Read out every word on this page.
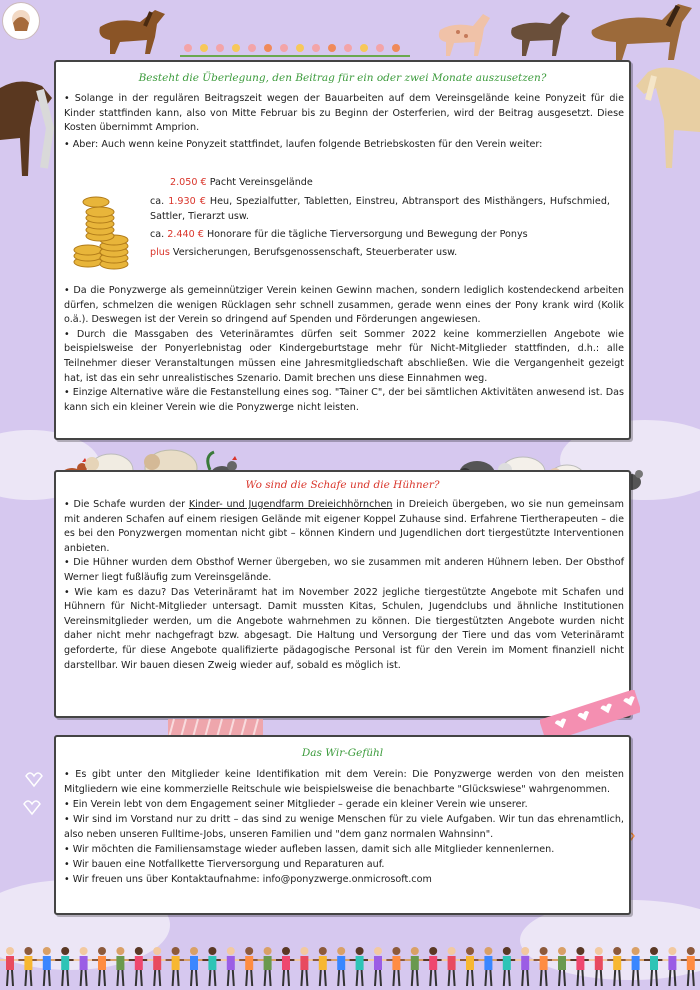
Besteht die Überlegung, den Beitrag für ein oder zwei Monate auszusetzen?

• Solange in der regulären Beitragszeit wegen der Bauarbeiten auf dem Vereinsgelände keine Ponyzeit für die Kinder stattfinden kann, also von Mitte Februar bis zu Beginn der Osterferien, wird der Beitrag ausgesetzt. Diese Kosten übernimmt Amprion.

• Aber: Auch wenn keine Ponyzeit stattfindet, laufen folgende Betriebskosten für den Verein weiter:

2.050 € Pacht Vereinsgelände
ca. 1.930 € Heu, Spezialfutter, Tabletten, Einstreu, Abtransport des Misthängers, Hufschmied, Sattler, Tierarzt usw.
ca. 2.440 € Honorare für die tägliche Tierversorgung und Bewegung der Ponys
plus Versicherungen, Berufsgenossenschaft, Steuerberater usw.

• Da die Ponyzwerge als gemeinnütziger Verein keinen Gewinn machen, sondern lediglich kostendeckend arbeiten dürfen, schmelzen die wenigen Rücklagen sehr schnell zusammen, gerade wenn eines der Pony krank wird (Kolik o.ä.). Deswegen ist der Verein so dringend auf Spenden und Förderungen angewiesen.

• Durch die Massgaben des Veterinäramtes dürfen seit Sommer 2022 keine kommerziellen Angebote wie beispielsweise der Ponyerlebnistag oder Kindergeburtstage mehr für Nicht-Mitglieder stattfinden, d.h.: alle Teilnehmer dieser Veranstaltungen müssen eine Jahresmitgliedschaft abschließen. Wie die Vergangenheit gezeigt hat, ist das ein sehr unrealistisches Szenario. Damit brechen uns diese Einnahmen weg.

• Einzige Alternative wäre die Festanstellung eines sog. "Tainer C", der bei sämtlichen Aktivitäten anwesend ist. Das kann sich ein kleiner Verein wie die Ponyzwerge nicht leisten.

Wo sind die Schafe und die Hühner?

• Die Schafe wurden der Kinder- und Jugendfarm Dreieichhörnchen in Dreieich übergeben, wo sie nun gemeinsam mit anderen Schafen auf einem riesigen Gelände mit eigener Koppel Zuhause sind. Erfahrene Tiertherapeuten – die es bei den Ponyzwergen momentan nicht gibt – können Kindern und Jugendlichen dort tiergestützte Interventionen anbieten.

• Die Hühner wurden dem Obsthof Werner übergeben, wo sie zusammen mit anderen Hühnern leben. Der Obsthof Werner liegt fußläufig zum Vereinsgelände.

• Wie kam es dazu? Das Veterinäramt hat im November 2022 jegliche tiergestützte Angebote mit Schafen und Hühnern für Nicht-Mitglieder untersagt. Damit mussten Kitas, Schulen, Jugendclubs und ähnliche Institutionen Vereinsmitglieder werden, um die Angebote wahrnehmen zu können. Die tiergestützten Angebote wurden nicht daher nicht mehr nachgefragt bzw. abgesagt. Die Haltung und Versorgung der Tiere und das vom Veterinäramt geforderte, für diese Angebote qualifizierte pädagogische Personal ist für den Verein im Moment finanziell nicht darstellbar. Wir bauen diesen Zweig wieder auf, sobald es möglich ist.

Das Wir-Gefühl

• Es gibt unter den Mitglieder keine Identifikation mit dem Verein: Die Ponyzwerge werden von den meisten Mitgliedern wie eine kommerzielle Reitschule wie beispielsweise die benachbarte "Glückswiese" wahrgenommen.

• Ein Verein lebt von dem Engagement seiner Mitglieder – gerade ein kleiner Verein wie unserer.

• Wir sind im Vorstand nur zu dritt – das sind zu wenige Menschen für zu viele Aufgaben. Wir tun das ehrenamtlich, also neben unseren Fulltime-Jobs, unseren Familien und "dem ganz normalen Wahnsinn".

• Wir möchten die Familiensamstage wieder aufleben lassen, damit sich alle Mitglieder kennenlernen.

• Wir bauen eine Notfallkette Tierversorgung und Reparaturen auf.

• Wir freuen uns über Kontaktaufnahme: info@ponyzwerge.onmicrosoft.com
